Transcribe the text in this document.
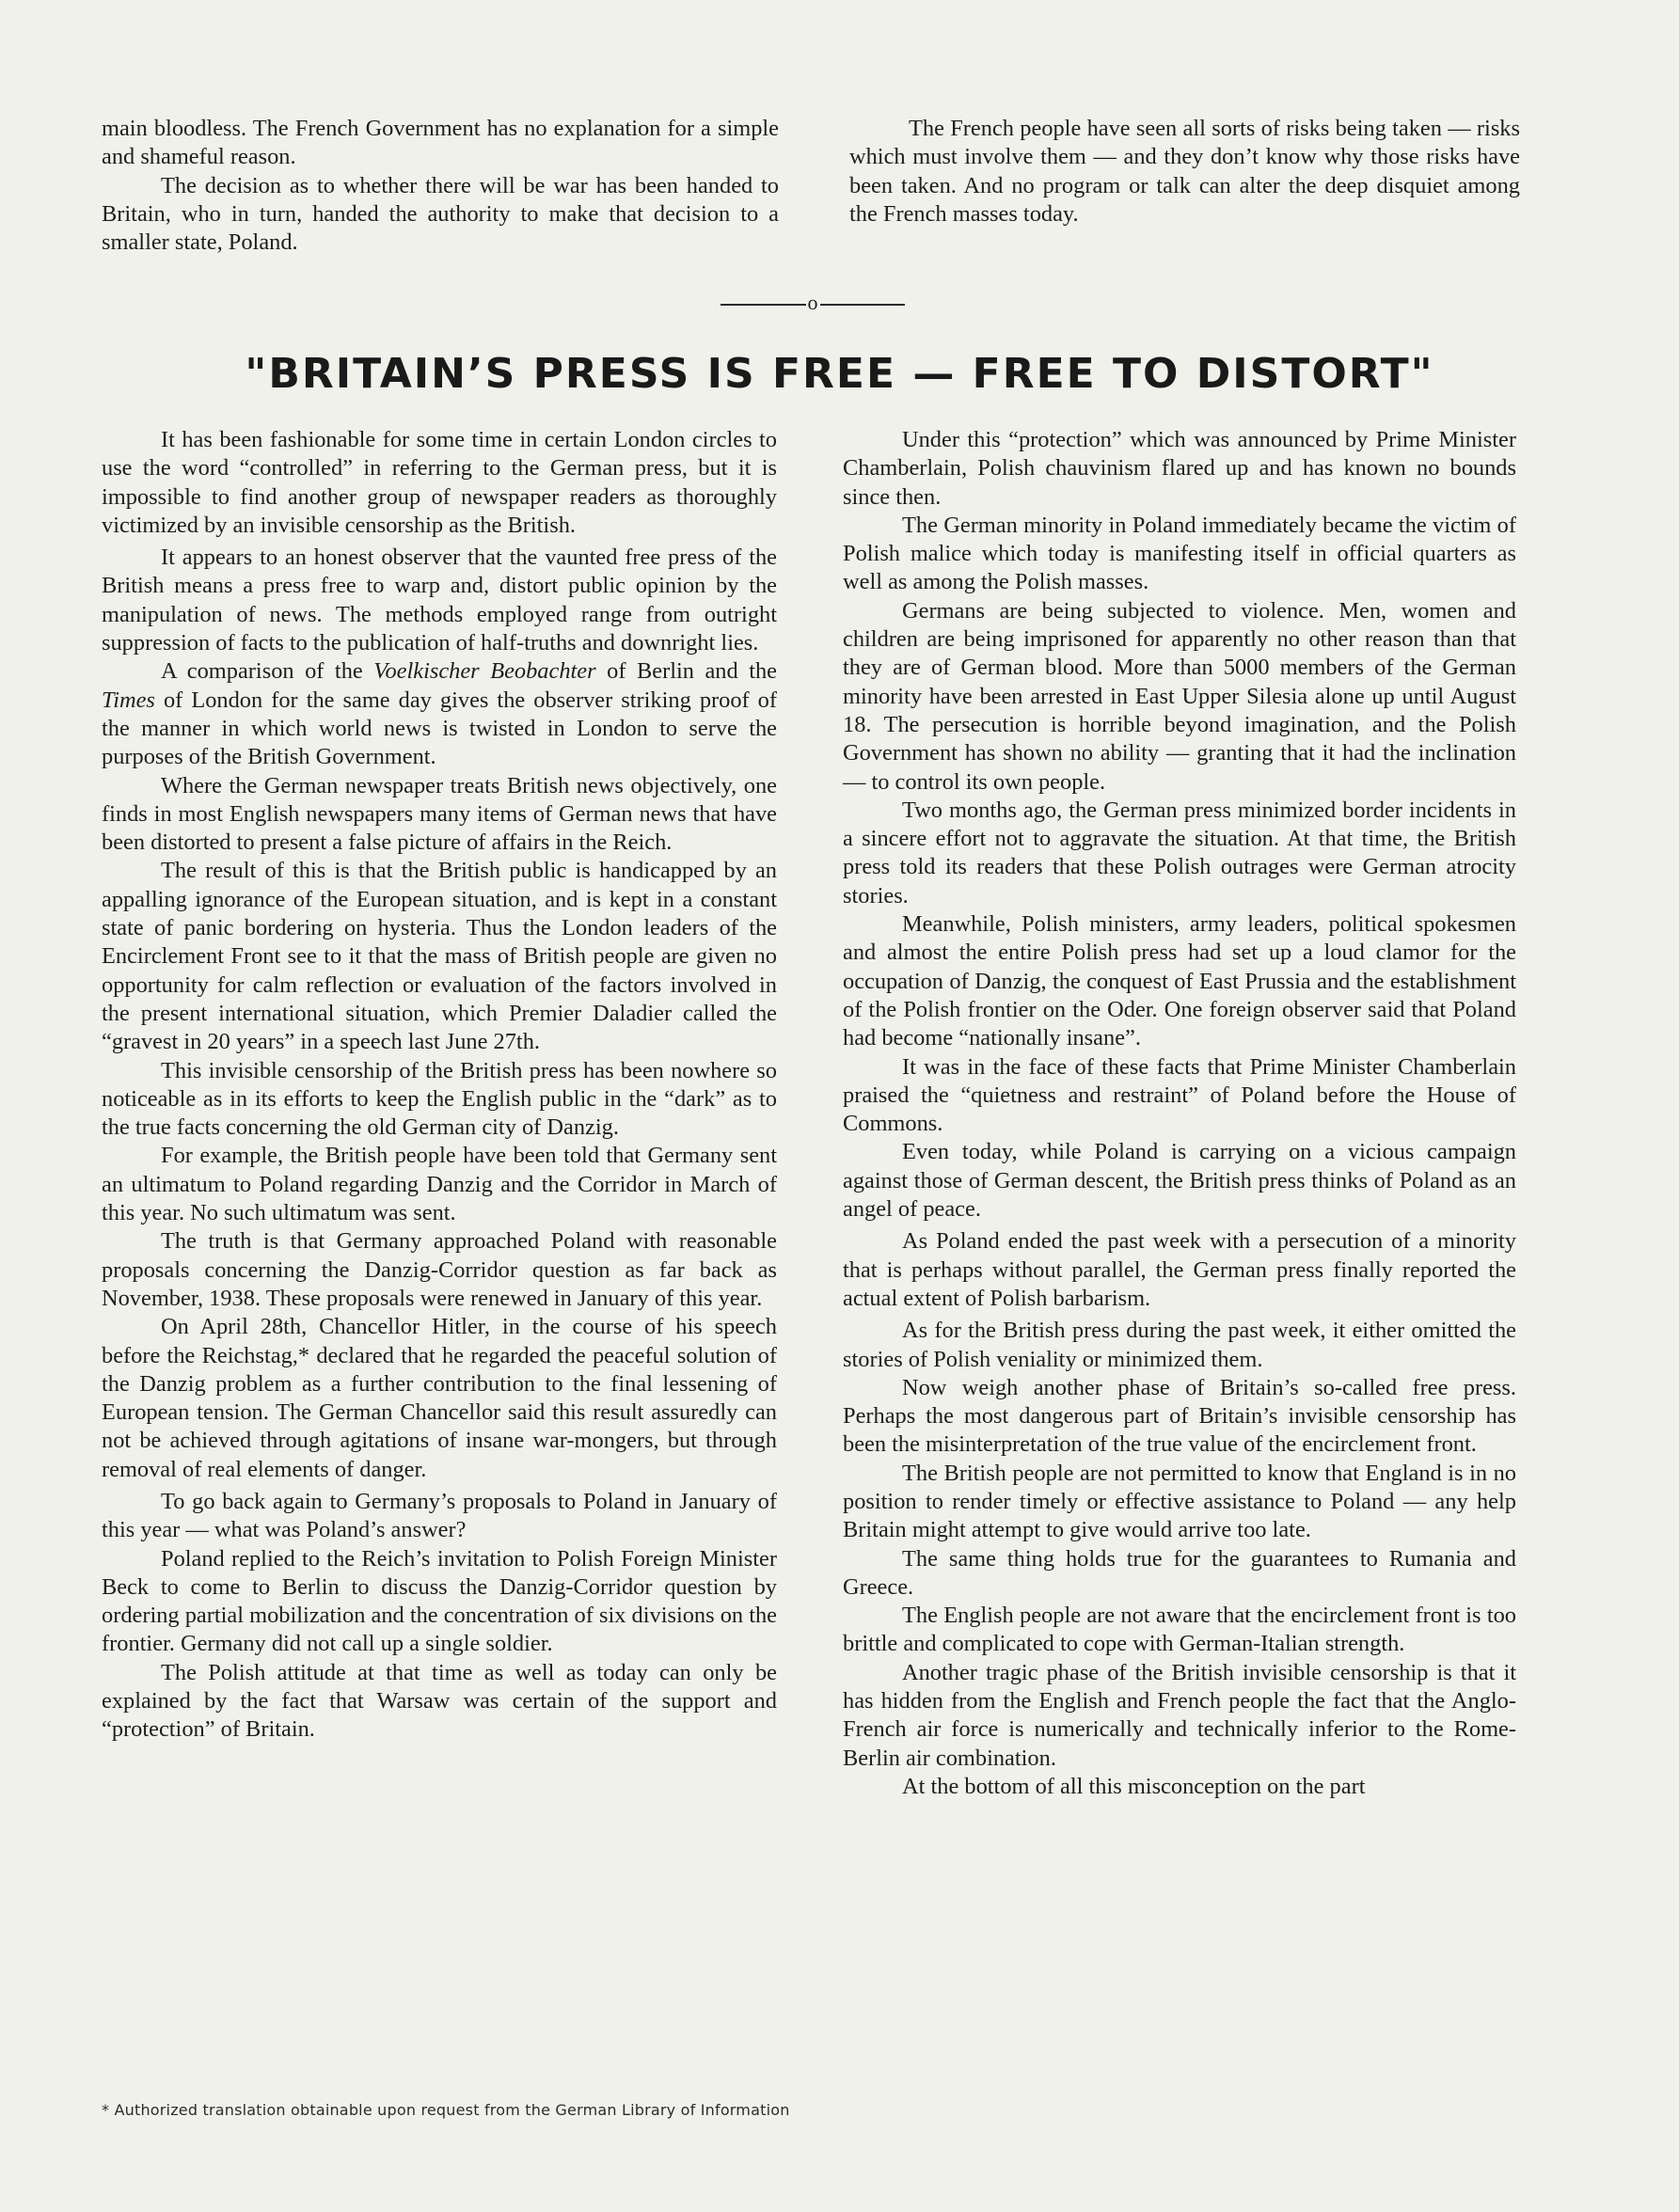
main bloodless. The French Government has no explanation for a simple and shameful reason.

The decision as to whether there will be war has been handed to Britain, who in turn, handed the authority to make that decision to a smaller state, Poland.

The French people have seen all sorts of risks being taken — risks which must involve them — and they don’t know why those risks have been taken. And no program or talk can alter the deep disquiet among the French masses today.

o
"BRITAIN’S PRESS IS FREE — FREE TO DISTORT"

It has been fashionable for some time in certain London circles to use the word “controlled” in referring to the German press, but it is impossible to find another group of newspaper readers as thoroughly victimized by an invisible censorship as the British.

It appears to an honest observer that the vaunted free press of the British means a press free to warp and, distort public opinion by the manipulation of news. The methods employed range from outright suppression of facts to the publication of half-truths and downright lies.

A comparison of the Voelkischer Beobachter of Berlin and the Times of London for the same day gives the observer striking proof of the manner in which world news is twisted in London to serve the purposes of the British Government.

Where the German newspaper treats British news objectively, one finds in most English newspapers many items of German news that have been distorted to present a false picture of affairs in the Reich.

The result of this is that the British public is handicapped by an appalling ignorance of the European situation, and is kept in a constant state of panic bordering on hysteria. Thus the London leaders of the Encirclement Front see to it that the mass of British people are given no opportunity for calm reflection or evaluation of the factors involved in the present international situation, which Premier Daladier called the “gravest in 20 years” in a speech last June 27th.

This invisible censorship of the British press has been nowhere so noticeable as in its efforts to keep the English public in the “dark” as to the true facts concerning the old German city of Danzig.

For example, the British people have been told that Germany sent an ultimatum to Poland regarding Danzig and the Corridor in March of this year. No such ultimatum was sent.

The truth is that Germany approached Poland with reasonable proposals concerning the Danzig-Corridor question as far back as November, 1938. These proposals were renewed in January of this year.

On April 28th, Chancellor Hitler, in the course of his speech before the Reichstag,* declared that he regarded the peaceful solution of the Danzig problem as a further contribution to the final lessening of European tension. The German Chancellor said this result assuredly can not be achieved through agitations of insane war-mongers, but through removal of real elements of danger.

To go back again to Germany’s proposals to Poland in January of this year — what was Poland’s answer?

Poland replied to the Reich’s invitation to Polish Foreign Minister Beck to come to Berlin to discuss the Danzig-Corridor question by ordering partial mobilization and the concentration of six divisions on the frontier. Germany did not call up a single soldier.

The Polish attitude at that time as well as today can only be explained by the fact that Warsaw was certain of the support and “protection” of Britain.

Under this “protection” which was announced by Prime Minister Chamberlain, Polish chauvinism flared up and has known no bounds since then.

The German minority in Poland immediately became the victim of Polish malice which today is manifesting itself in official quarters as well as among the Polish masses.

Germans are being subjected to violence. Men, women and children are being imprisoned for apparently no other reason than that they are of German blood. More than 5000 members of the German minority have been arrested in East Upper Silesia alone up until August 18. The persecution is horrible beyond imagination, and the Polish Government has shown no ability — granting that it had the inclination — to control its own people.

Two months ago, the German press minimized border incidents in a sincere effort not to aggravate the situation. At that time, the British press told its readers that these Polish outrages were German atrocity stories.

Meanwhile, Polish ministers, army leaders, political spokesmen and almost the entire Polish press had set up a loud clamor for the occupation of Danzig, the conquest of East Prussia and the establishment of the Polish frontier on the Oder. One foreign observer said that Poland had become “nationally insane”.

It was in the face of these facts that Prime Minister Chamberlain praised the “quietness and restraint” of Poland before the House of Commons.

Even today, while Poland is carrying on a vicious campaign against those of German descent, the British press thinks of Poland as an angel of peace.

As Poland ended the past week with a persecution of a minority that is perhaps without parallel, the German press finally reported the actual extent of Polish barbarism.

As for the British press during the past week, it either omitted the stories of Polish veniality or minimized them.

Now weigh another phase of Britain’s so-called free press. Perhaps the most dangerous part of Britain’s invisible censorship has been the misinterpretation of the true value of the encirclement front.

The British people are not permitted to know that England is in no position to render timely or effective assistance to Poland — any help Britain might attempt to give would arrive too late.

The same thing holds true for the guarantees to Rumania and Greece.

The English people are not aware that the encirclement front is too brittle and complicated to cope with German-Italian strength.

Another tragic phase of the British invisible censorship is that it has hidden from the English and French people the fact that the Anglo-French air force is numerically and technically inferior to the Rome-Berlin air combination.

At the bottom of all this misconception on the part

* Authorized translation obtainable upon request from the German Library of Information
